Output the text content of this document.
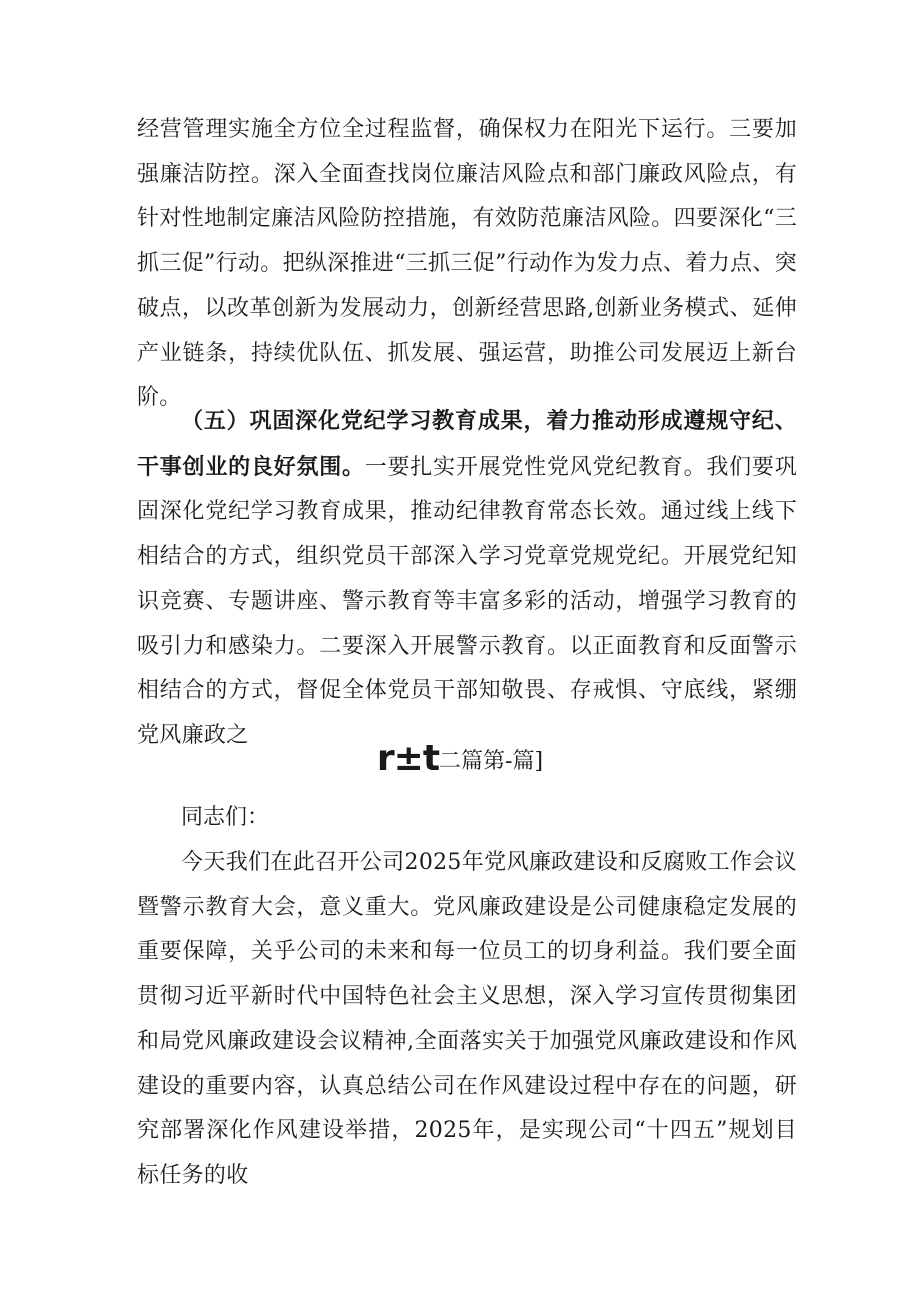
经营管理实施全方位全过程监督，确保权力在阳光下运行。三要加强廉洁防控。深入全面查找岗位廉洁风险点和部门廉政风险点，有针对性地制定廉洁风险防控措施，有效防范廉洁风险。四要深化“三抓三促”行动。把纵深推进“三抓三促”行动作为发力点、着力点、突破点，以改革创新为发展动力，创新经营思路,创新业务模式、延伸产业链条，持续优队伍、抓发展、强运营，助推公司发展迈上新台阶。

（五）巩固深化党纪学习教育成果，着力推动形成遵规守纪、干事创业的良好氛围。一要扎实开展党性党风党纪教育。我们要巩固深化党纪学习教育成果，推动纪律教育常态长效。通过线上线下相结合的方式，组织党员干部深入学习党章党规党纪。开展党纪知识竞赛、专题讲座、警示教育等丰富多彩的活动，增强学习教育的吸引力和感染力。二要深入开展警示教育。以正面教育和反面警示相结合的方式，督促全体党员干部知敬畏、存戒惧、守底线，紧绷党风廉政之

r±t二篇第-篇]

同志们：

今天我们在此召开公司2025年党风廉政建设和反腐败工作会议暨警示教育大会，意义重大。党风廉政建设是公司健康稳定发展的重要保障，关乎公司的未来和每一位员工的切身利益。我们要全面贯彻习近平新时代中国特色社会主义思想，深入学习宣传贯彻集团和局党风廉政建设会议精神,全面落实关于加强党风廉政建设和作风建设的重要内容，认真总结公司在作风建设过程中存在的问题，研究部署深化作风建设举措，2025年，是实现公司“十四五”规划目标任务的收
